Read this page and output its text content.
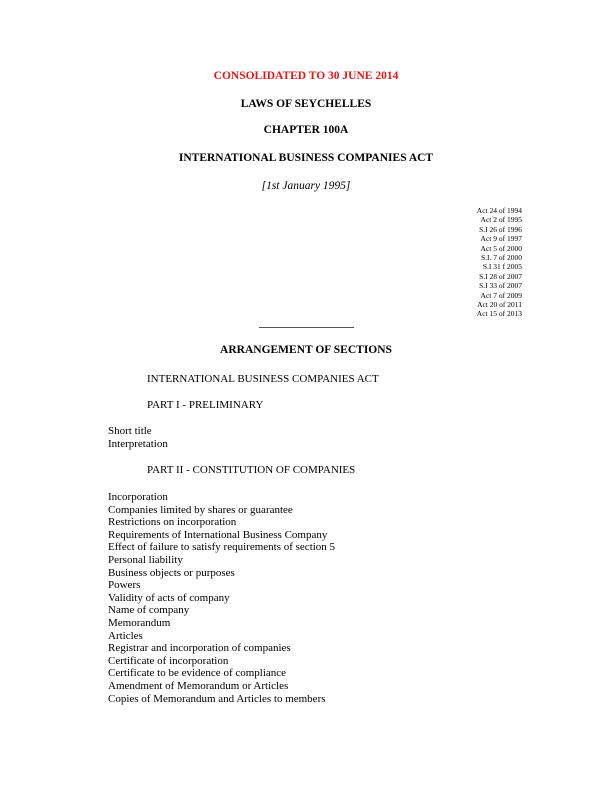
CONSOLIDATED TO 30 JUNE 2014
LAWS OF SEYCHELLES
CHAPTER 100A
INTERNATIONAL BUSINESS COMPANIES ACT
[1st January 1995]
Act 24 of 1994
Act 2 of 1995
S.I 26 of 1996
Act 9 of 1997
Act 5 of 2000
S.I. 7 of 2000
S.I 31 f 2005
S.I 28 of 2007
S.I 33 of 2007
Act 7 of 2009
Act 20 of 2011
Act 15 of 2013
ARRANGEMENT OF SECTIONS
INTERNATIONAL BUSINESS COMPANIES ACT
PART I - PRELIMINARY
Short title
Interpretation
PART II - CONSTITUTION OF COMPANIES
Incorporation
Companies limited by shares or guarantee
Restrictions on incorporation
Requirements of International Business Company
Effect of failure to satisfy requirements of section 5
Personal liability
Business objects or purposes
Powers
Validity of acts of company
Name of company
Memorandum
Articles
Registrar and incorporation of companies
Certificate of incorporation
Certificate to be evidence of compliance
Amendment of Memorandum or Articles
Copies of Memorandum and Articles to members
